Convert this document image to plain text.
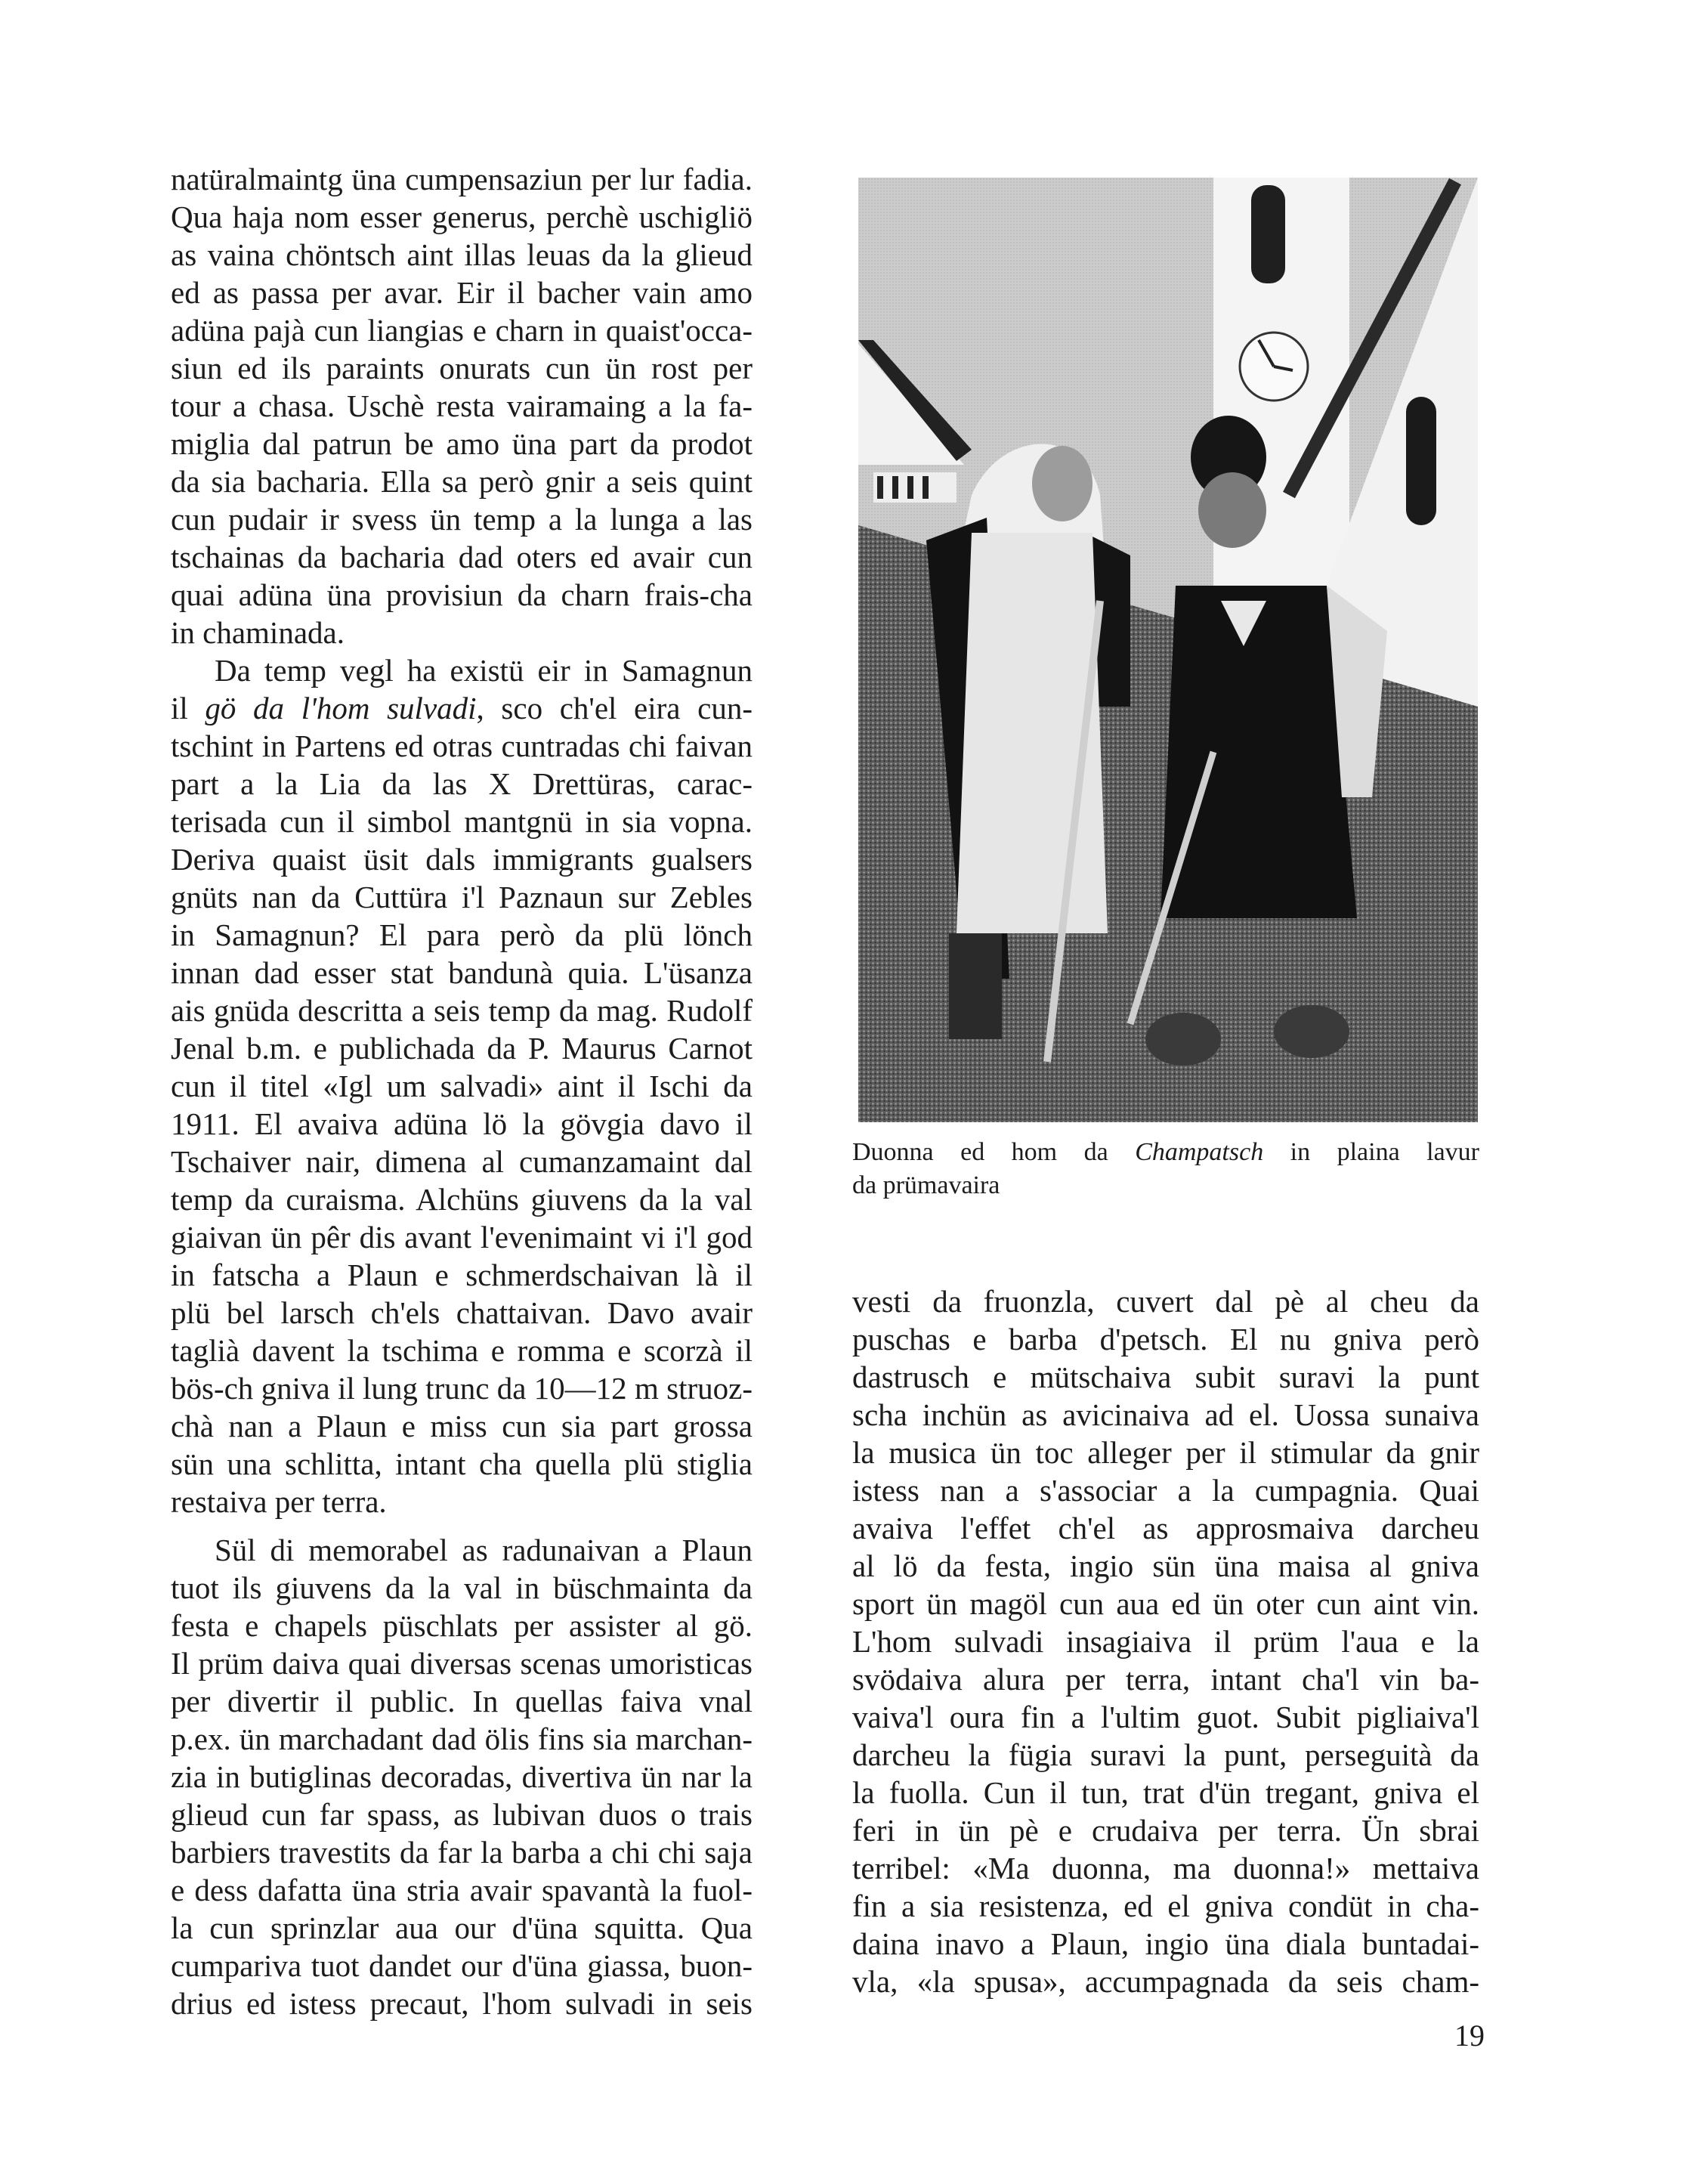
natüralmaintg üna cumpensaziun per lur fadia.
Qua haja nom esser generus, perchè uschigliö
as vaina chöntsch aint illas leuas da la glieud
ed as passa per avar. Eir il bacher vain amo
adüna pajà cun liangias e charn in quaist'occa-
siun ed ils paraints onurats cun ün rost per
tour a chasa. Uschè resta vairamaing a la fa-
miglia dal patrun be amo üna part da prodot
da sia bacharia. Ella sa però gnir a seis quint
cun pudair ir svess ün temp a la lunga a las
tschainas da bacharia dad oters ed avair cun
quai adüna üna provisiun da charn frais-cha
in chaminada.
Da temp vegl ha existü eir in Samagnun
il gö da l'hom sulvadi, sco ch'el eira cun-
tschint in Partens ed otras cuntradas chi faivan
part a la Lia da las X Drettüras, carac-
terisada cun il simbol mantgnü in sia vopna.
Deriva quaist üsit dals immigrants gualsers
gnüts nan da Cuttüra i'l Paznaun sur Zebles
in Samagnun? El para però da plü lönch
innan dad esser stat bandunà quia. L'üsanza
ais gnüda descritta a seis temp da mag. Rudolf
Jenal b.m. e publichada da P. Maurus Carnot
cun il titel «Igl um salvadi» aint il Ischi da
1911. El avaiva adüna lö la gövgia davo il
Tschaiver nair, dimena al cumanzamaint dal
temp da curaisma. Alchüns giuvens da la val
giaivan ün pêr dis avant l'evenimaint vi i'l god
in fatscha a Plaun e schmerdschaivan là il
plü bel larsch ch'els chattaivan. Davo avair
taglià davent la tschima e romma e scorzà il
bös-ch gniva il lung trunc da 10—12 m struoz-
chà nan a Plaun e miss cun sia part grossa
sün una schlitta, intant cha quella plü stiglia
restaiva per terra.
Sül di memorabel as radunaivan a Plaun
tuot ils giuvens da la val in büschmainta da
festa e chapels püschlats per assister al gö.
Il prüm daiva quai diversas scenas umoristicas
per divertir il public. In quellas faiva vnal
p.ex. ün marchadant dad ölis fins sia marchan-
zia in butiglinas decoradas, divertiva ün nar la
glieud cun far spass, as lubivan duos o trais
barbiers travestits da far la barba a chi chi saja
e dess dafatta üna stria avair spavantà la fuol-
la cun sprinzlar aua our d'üna squitta. Qua
cumpariva tuot dandet our d'üna giassa, buon-
drius ed istess precaut, l'hom sulvadi in seis
Duonna ed hom da Champatsch in plaina lavur
da prümavaira
vesti da fruonzla, cuvert dal pè al cheu da
puschas e barba d'petsch. El nu gniva però
dastrusch e mütschaiva subit suravi la punt
scha inchün as avicinaiva ad el. Uossa sunaiva
la musica ün toc alleger per il stimular da gnir
istess nan a s'associar a la cumpagnia. Quai
avaiva l'effet ch'el as approsmaiva darcheu
al lö da festa, ingio sün üna maisa al gniva
sport ün magöl cun aua ed ün oter cun aint vin.
L'hom sulvadi insagiaiva il prüm l'aua e la
svödaiva alura per terra, intant cha'l vin ba-
vaiva'l oura fin a l'ultim guot. Subit pigliaiva'l
darcheu la fügia suravi la punt, perseguità da
la fuolla. Cun il tun, trat d'ün tregant, gniva el
feri in ün pè e crudaiva per terra. Ün sbrai
terribel: «Ma duonna, ma duonna!» mettaiva
fin a sia resistenza, ed el gniva condüt in cha-
daina inavo a Plaun, ingio üna diala buntadai-
vla, «la spusa», accumpagnada da seis cham-
19
